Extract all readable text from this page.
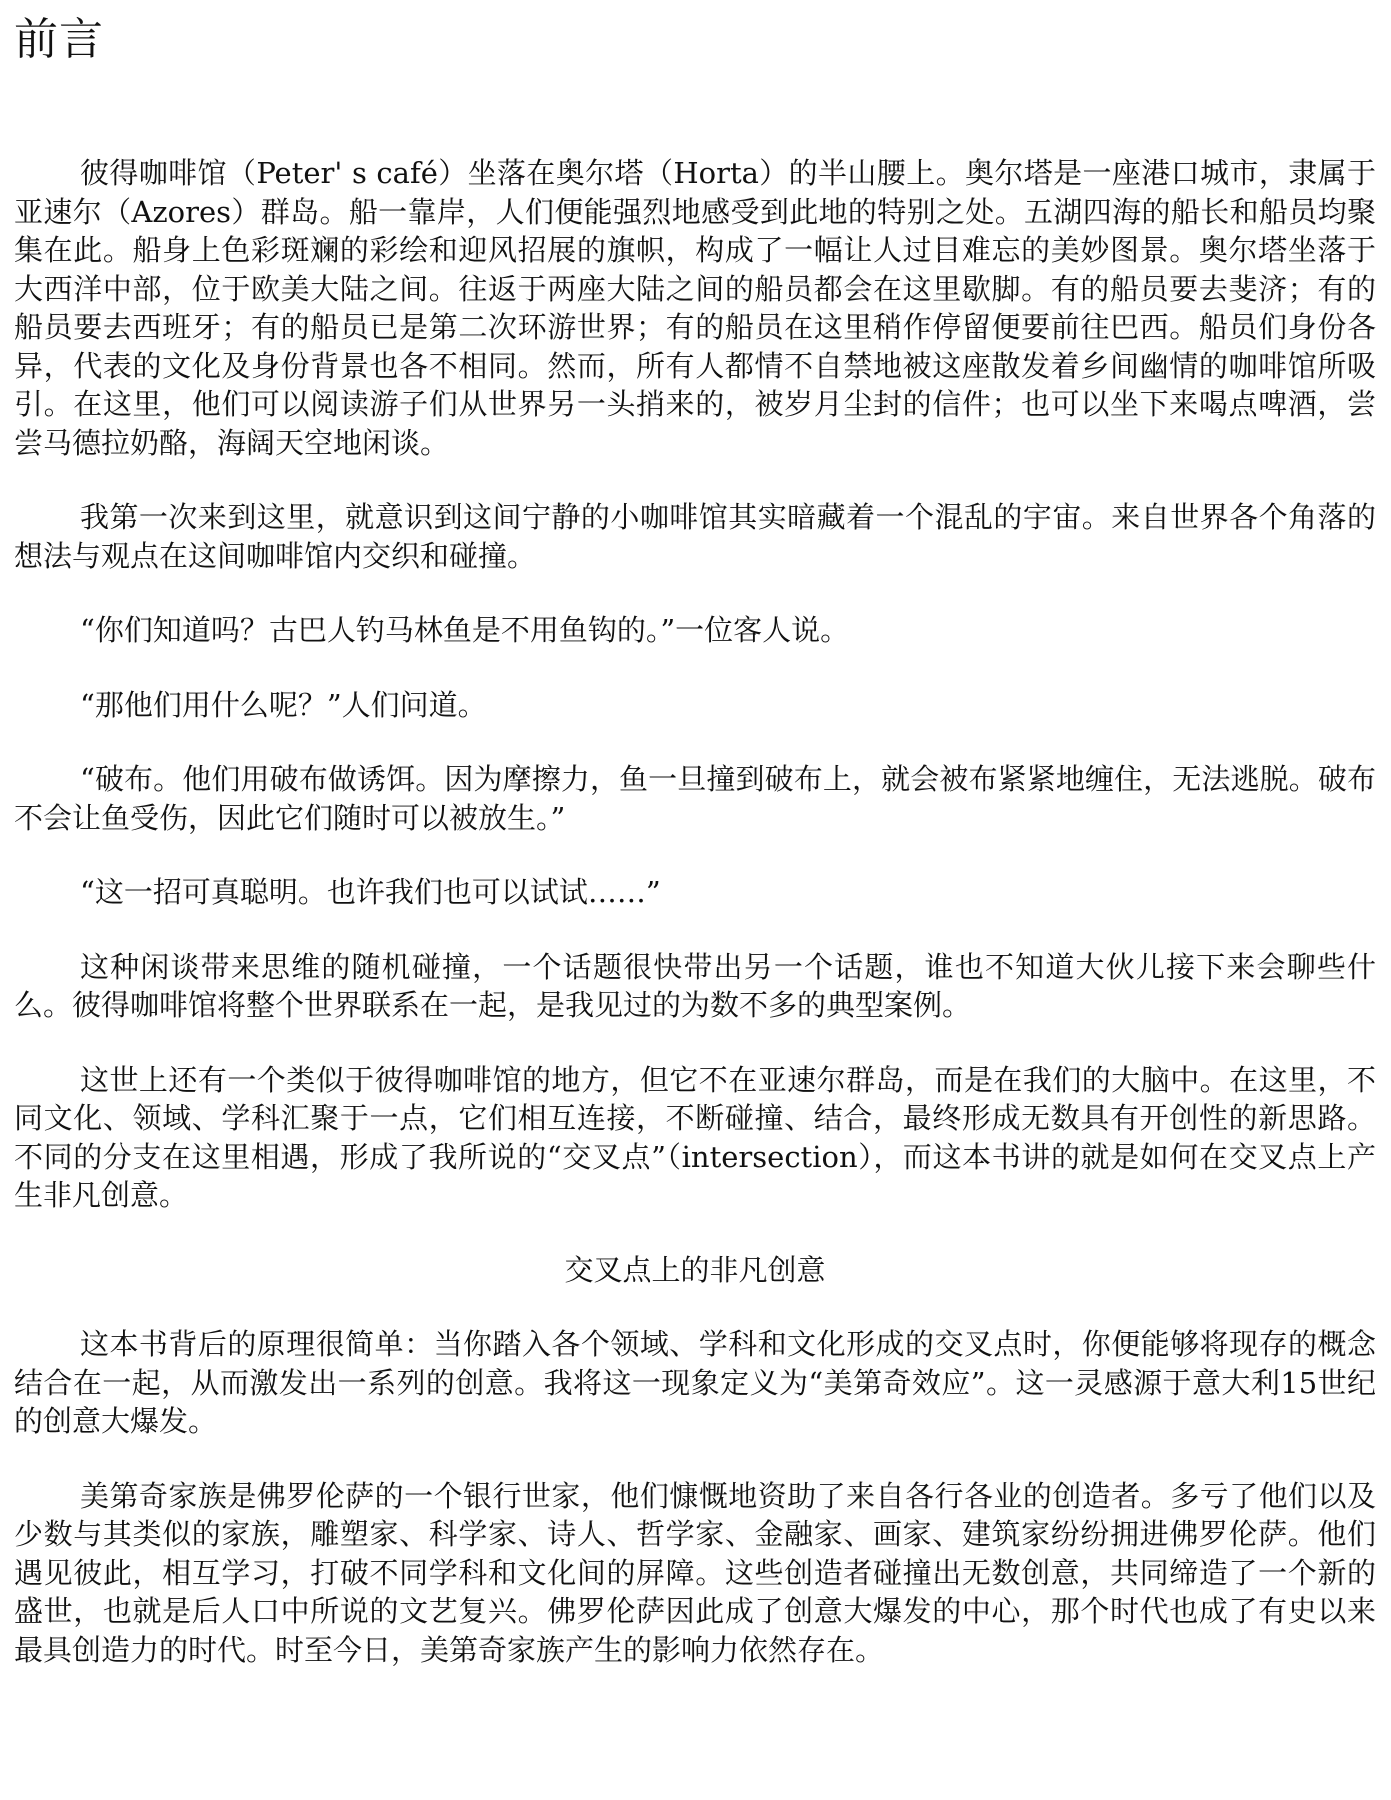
前言

彼得咖啡馆（Peter' s café）坐落在奥尔塔（Horta）的半山腰上。奥尔塔是一座港口城市，隶属于亚速尔（Azores）群岛。船一靠岸，人们便能强烈地感受到此地的特别之处。五湖四海的船长和船员均聚集在此。船身上色彩斑斓的彩绘和迎风招展的旗帜，构成了一幅让人过目难忘的美妙图景。奥尔塔坐落于大西洋中部，位于欧美大陆之间。往返于两座大陆之间的船员都会在这里歇脚。有的船员要去斐济；有的船员要去西班牙；有的船员已是第二次环游世界；有的船员在这里稍作停留便要前往巴西。船员们身份各异，代表的文化及身份背景也各不相同。然而，所有人都情不自禁地被这座散发着乡间幽情的咖啡馆所吸引。在这里，他们可以阅读游子们从世界另一头捎来的，被岁月尘封的信件；也可以坐下来喝点啤酒，尝尝马德拉奶酪，海阔天空地闲谈。

我第一次来到这里，就意识到这间宁静的小咖啡馆其实暗藏着一个混乱的宇宙。来自世界各个角落的想法与观点在这间咖啡馆内交织和碰撞。

“你们知道吗？古巴人钓马林鱼是不用鱼钩的。”一位客人说。

“那他们用什么呢？”人们问道。

“破布。他们用破布做诱饵。因为摩擦力，鱼一旦撞到破布上，就会被布紧紧地缠住，无法逃脱。破布不会让鱼受伤，因此它们随时可以被放生。”

“这一招可真聪明。也许我们也可以试试……”

这种闲谈带来思维的随机碰撞，一个话题很快带出另一个话题，谁也不知道大伙儿接下来会聊些什么。彼得咖啡馆将整个世界联系在一起，是我见过的为数不多的典型案例。

这世上还有一个类似于彼得咖啡馆的地方，但它不在亚速尔群岛，而是在我们的大脑中。在这里，不同文化、领域、学科汇聚于一点，它们相互连接，不断碰撞、结合，最终形成无数具有开创性的新思路。不同的分支在这里相遇，形成了我所说的“交叉点”（intersection），而这本书讲的就是如何在交叉点上产生非凡创意。

交叉点上的非凡创意

这本书背后的原理很简单：当你踏入各个领域、学科和文化形成的交叉点时，你便能够将现存的概念结合在一起，从而激发出一系列的创意。我将这一现象定义为“美第奇效应”。这一灵感源于意大利15世纪的创意大爆发。

美第奇家族是佛罗伦萨的一个银行世家，他们慷慨地资助了来自各行各业的创造者。多亏了他们以及少数与其类似的家族，雕塑家、科学家、诗人、哲学家、金融家、画家、建筑家纷纷拥进佛罗伦萨。他们遇见彼此，相互学习，打破不同学科和文化间的屏障。这些创造者碰撞出无数创意，共同缔造了一个新的盛世，也就是后人口中所说的文艺复兴。佛罗伦萨因此成了创意大爆发的中心，那个时代也成了有史以来最具创造力的时代。时至今日，美第奇家族产生的影响力依然存在。
